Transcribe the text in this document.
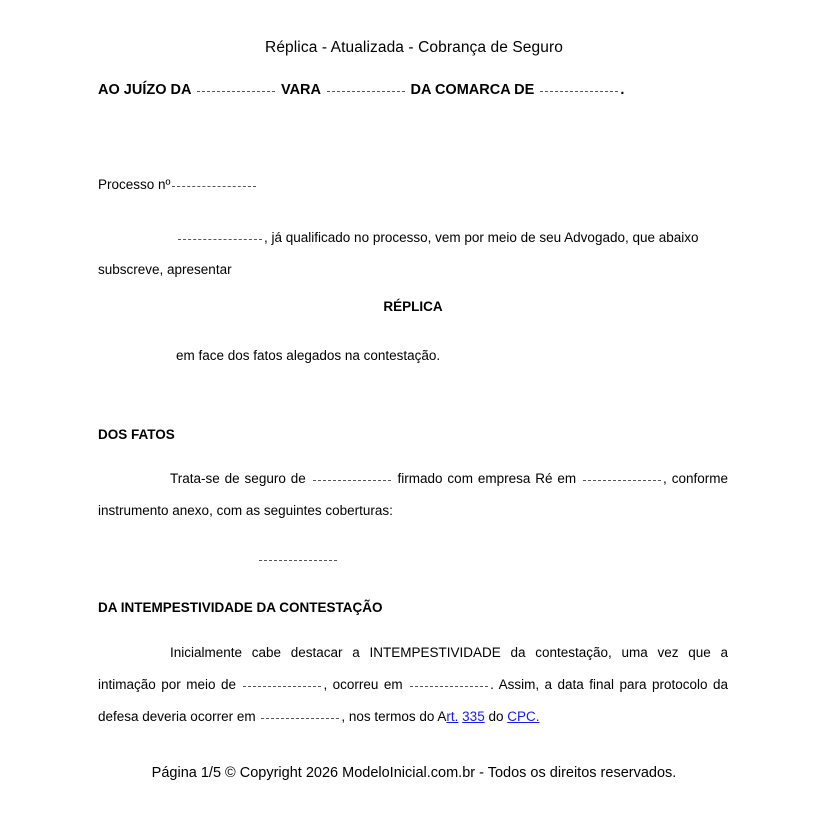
Réplica - Atualizada - Cobrança de Seguro
AO JUÍZO DA	VARA	DA COMARCA DE	.
Processo nº
, já qualificado no processo, vem por meio de seu Advogado, que abaixo subscreve, apresentar
RÉPLICA
em face dos fatos alegados na contestação.
DOS FATOS
Trata-se de seguro de	firmado com empresa Ré em	, conforme instrumento anexo, com as seguintes coberturas:
DA INTEMPESTIVIDADE DA CONTESTAÇÃO
Inicialmente cabe destacar a INTEMPESTIVIDADE da contestação, uma vez que a intimação por meio de	, ocorreu em	. Assim, a data final para protocolo da defesa deveria ocorrer em	, nos termos do Art. 335 do CPC.
Página 1/5 © Copyright 2026 ModeloInicial.com.br - Todos os direitos reservados.
